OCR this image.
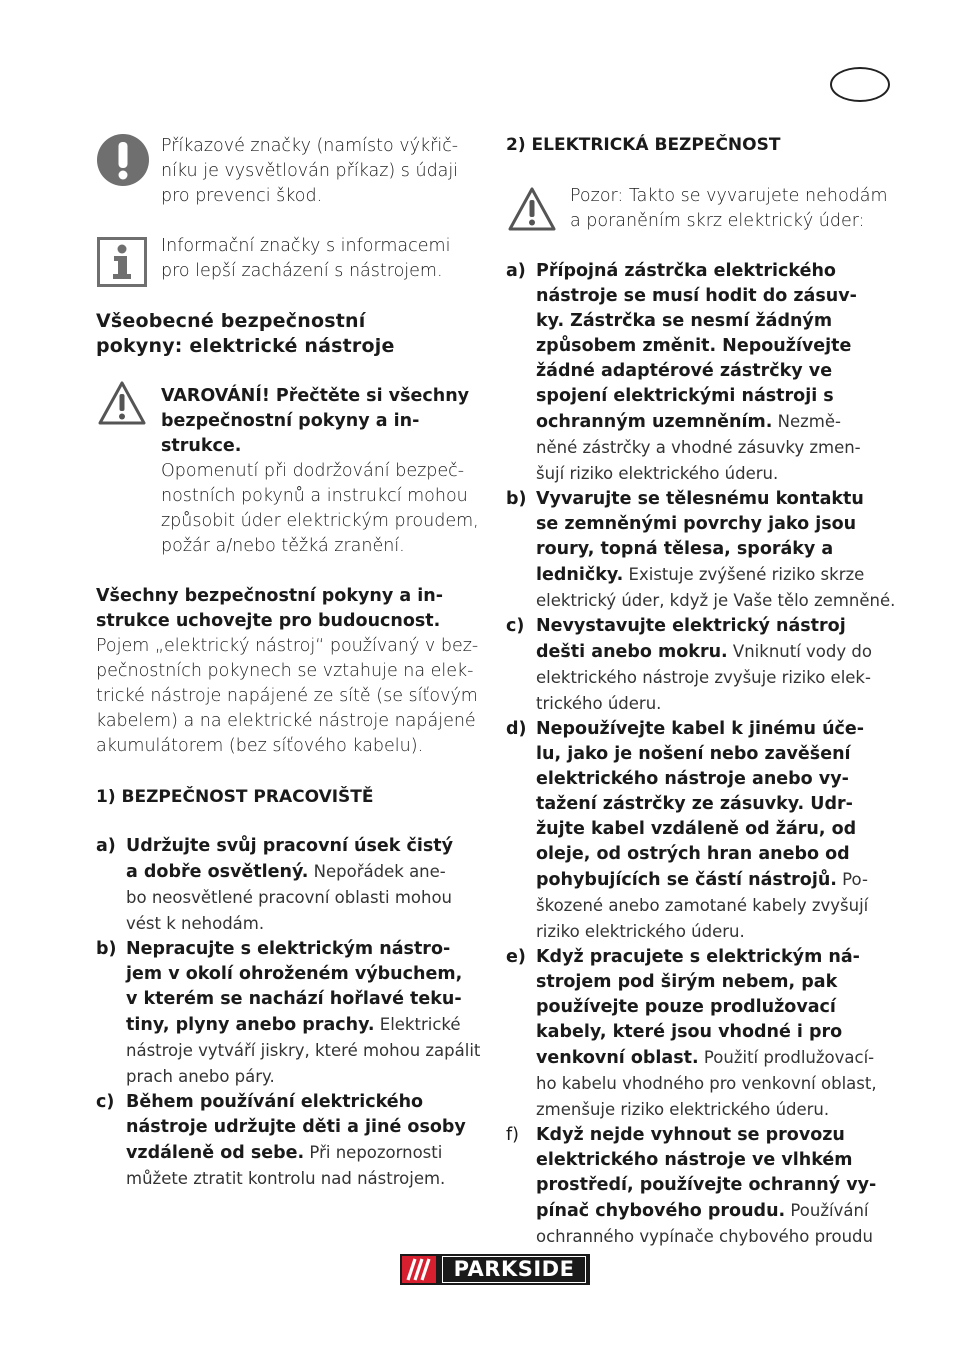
Příkazové značky (namísto výkřič-
níku je vysvětlován příkaz) s údaji
pro prevenci škod.
Informační značky s informacemi
pro lepší zacházení s nástrojem.
Všeobecné bezpečnostní
pokyny: elektrické nástroje
VAROVÁNÍ! Přečtěte si všechny
bezpečnostní pokyny a in-
strukce.
Opomenutí při dodržování bezpeč-
nostních pokynů a instrukcí mohou
způsobit úder elektrickým proudem,
požár a/nebo těžká zranění.
Všechny bezpečnostní pokyny a in-
strukce uchovejte pro budoucnost.
Pojem „elektrický nástroj“ používaný v bez-
pečnostních pokynech se vztahuje na elek-
trické nástroje napájené ze sítě (se síťovým
kabelem) a na elektrické nástroje napájené
akumulátorem (bez síťového kabelu).
1) BEZPEČNOST PRACOVIŠTĚ
a) Udržujte svůj pracovní úsek čistý
a dobře osvětlený. Nepořádek ane-
bo neosvětlené pracovní oblasti mohou
vést k nehodám.
b) Nepracujte s elektrickým nástro-
jem v okolí ohroženém výbuchem,
v kterém se nachází hořlavé teku-
tiny, plyny anebo prachy. Elektrické
nástroje vytváří jiskry, které mohou zapálit
prach anebo páry.
c) Během používání elektrického
nástroje udržujte děti a jiné osoby
vzdáleně od sebe. Při nepozornosti
můžete ztratit kontrolu nad nástrojem.
2) ELEKTRICKÁ BEZPEČNOST
Pozor: Takto se vyvarujete nehodám
a poraněním skrz elektrický úder:
a) Přípojná zástrčka elektrického
nástroje se musí hodit do zásuv-
ky. Zástrčka se nesmí žádným
způsobem změnit. Nepoužívejte
žádné adaptérové zástrčky ve
spojení elektrickými nástroji s
ochranným uzemněním. Nezmě-
něné zástrčky a vhodné zásuvky zmen-
šují riziko elektrického úderu.
b) Vyvarujte se tělesnému kontaktu
se zemněnými povrchy jako jsou
roury, topná tělesa, sporáky a
ledničky. Existuje zvýšené riziko skrze
elektrický úder, když je Vaše tělo zemněné.
c) Nevystavujte elektrický nástroj
dešti anebo mokru. Vniknutí vody do
elektrického nástroje zvyšuje riziko elek-
trického úderu.
d) Nepoužívejte kabel k jinému úče-
lu, jako je nošení nebo zavěšení
elektrického nástroje anebo vy-
tažení zástrčky ze zásuvky. Udr-
žujte kabel vzdáleně od žáru, od
oleje, od ostrých hran anebo od
pohybujících se částí nástrojů. Po-
škozené anebo zamotané kabely zvyšují
riziko elektrického úderu.
e) Když pracujete s elektrickým ná-
strojem pod širým nebem, pak
používejte pouze prodlužovací
kabely, které jsou vhodné i pro
venkovní oblast. Použití prodlužovací-
ho kabelu vhodného pro venkovní oblast,
zmenšuje riziko elektrického úderu.
f) Když nejde vyhnout se provozu
elektrického nástroje ve vlhkém
prostředí, používejte ochranný vy-
pínač chybového proudu. Používání
ochranného vypínače chybového proudu
PARKSIDE
